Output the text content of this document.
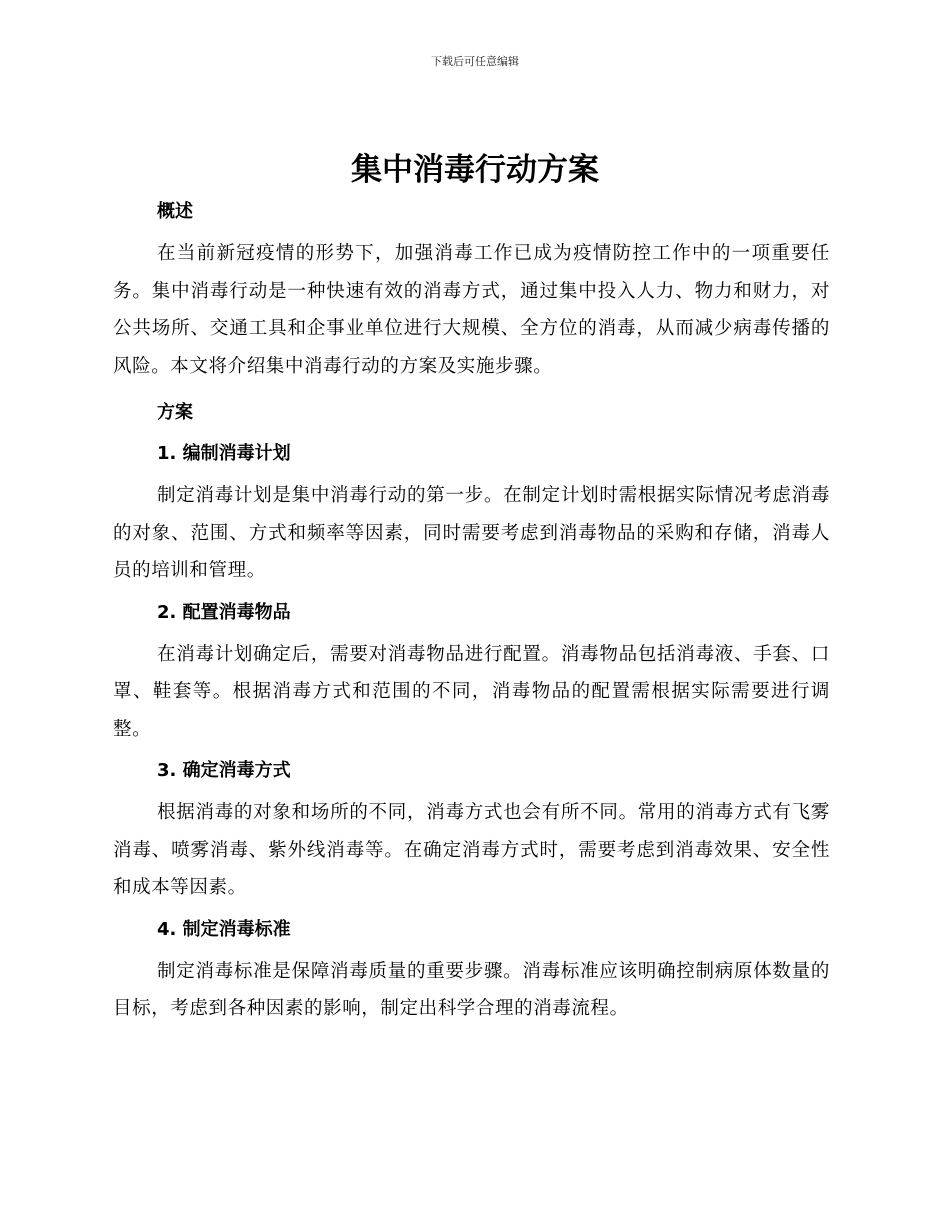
下载后可任意编辑
集中消毒行动方案
概述

在当前新冠疫情的形势下，加强消毒工作已成为疫情防控工作中的一项重要任务。集中消毒行动是一种快速有效的消毒方式，通过集中投入人力、物力和财力，对公共场所、交通工具和企事业单位进行大规模、全方位的消毒，从而减少病毒传播的风险。本文将介绍集中消毒行动的方案及实施步骤。

方案
1. 编制消毒计划

制定消毒计划是集中消毒行动的第一步。在制定计划时需根据实际情况考虑消毒的对象、范围、方式和频率等因素，同时需要考虑到消毒物品的采购和存储，消毒人员的培训和管理。

2. 配置消毒物品

在消毒计划确定后，需要对消毒物品进行配置。消毒物品包括消毒液、手套、口罩、鞋套等。根据消毒方式和范围的不同，消毒物品的配置需根据实际需要进行调整。

3. 确定消毒方式

根据消毒的对象和场所的不同，消毒方式也会有所不同。常用的消毒方式有飞雾消毒、喷雾消毒、紫外线消毒等。在确定消毒方式时，需要考虑到消毒效果、安全性和成本等因素。

4. 制定消毒标准

制定消毒标准是保障消毒质量的重要步骤。消毒标准应该明确控制病原体数量的目标，考虑到各种因素的影响，制定出科学合理的消毒流程。
